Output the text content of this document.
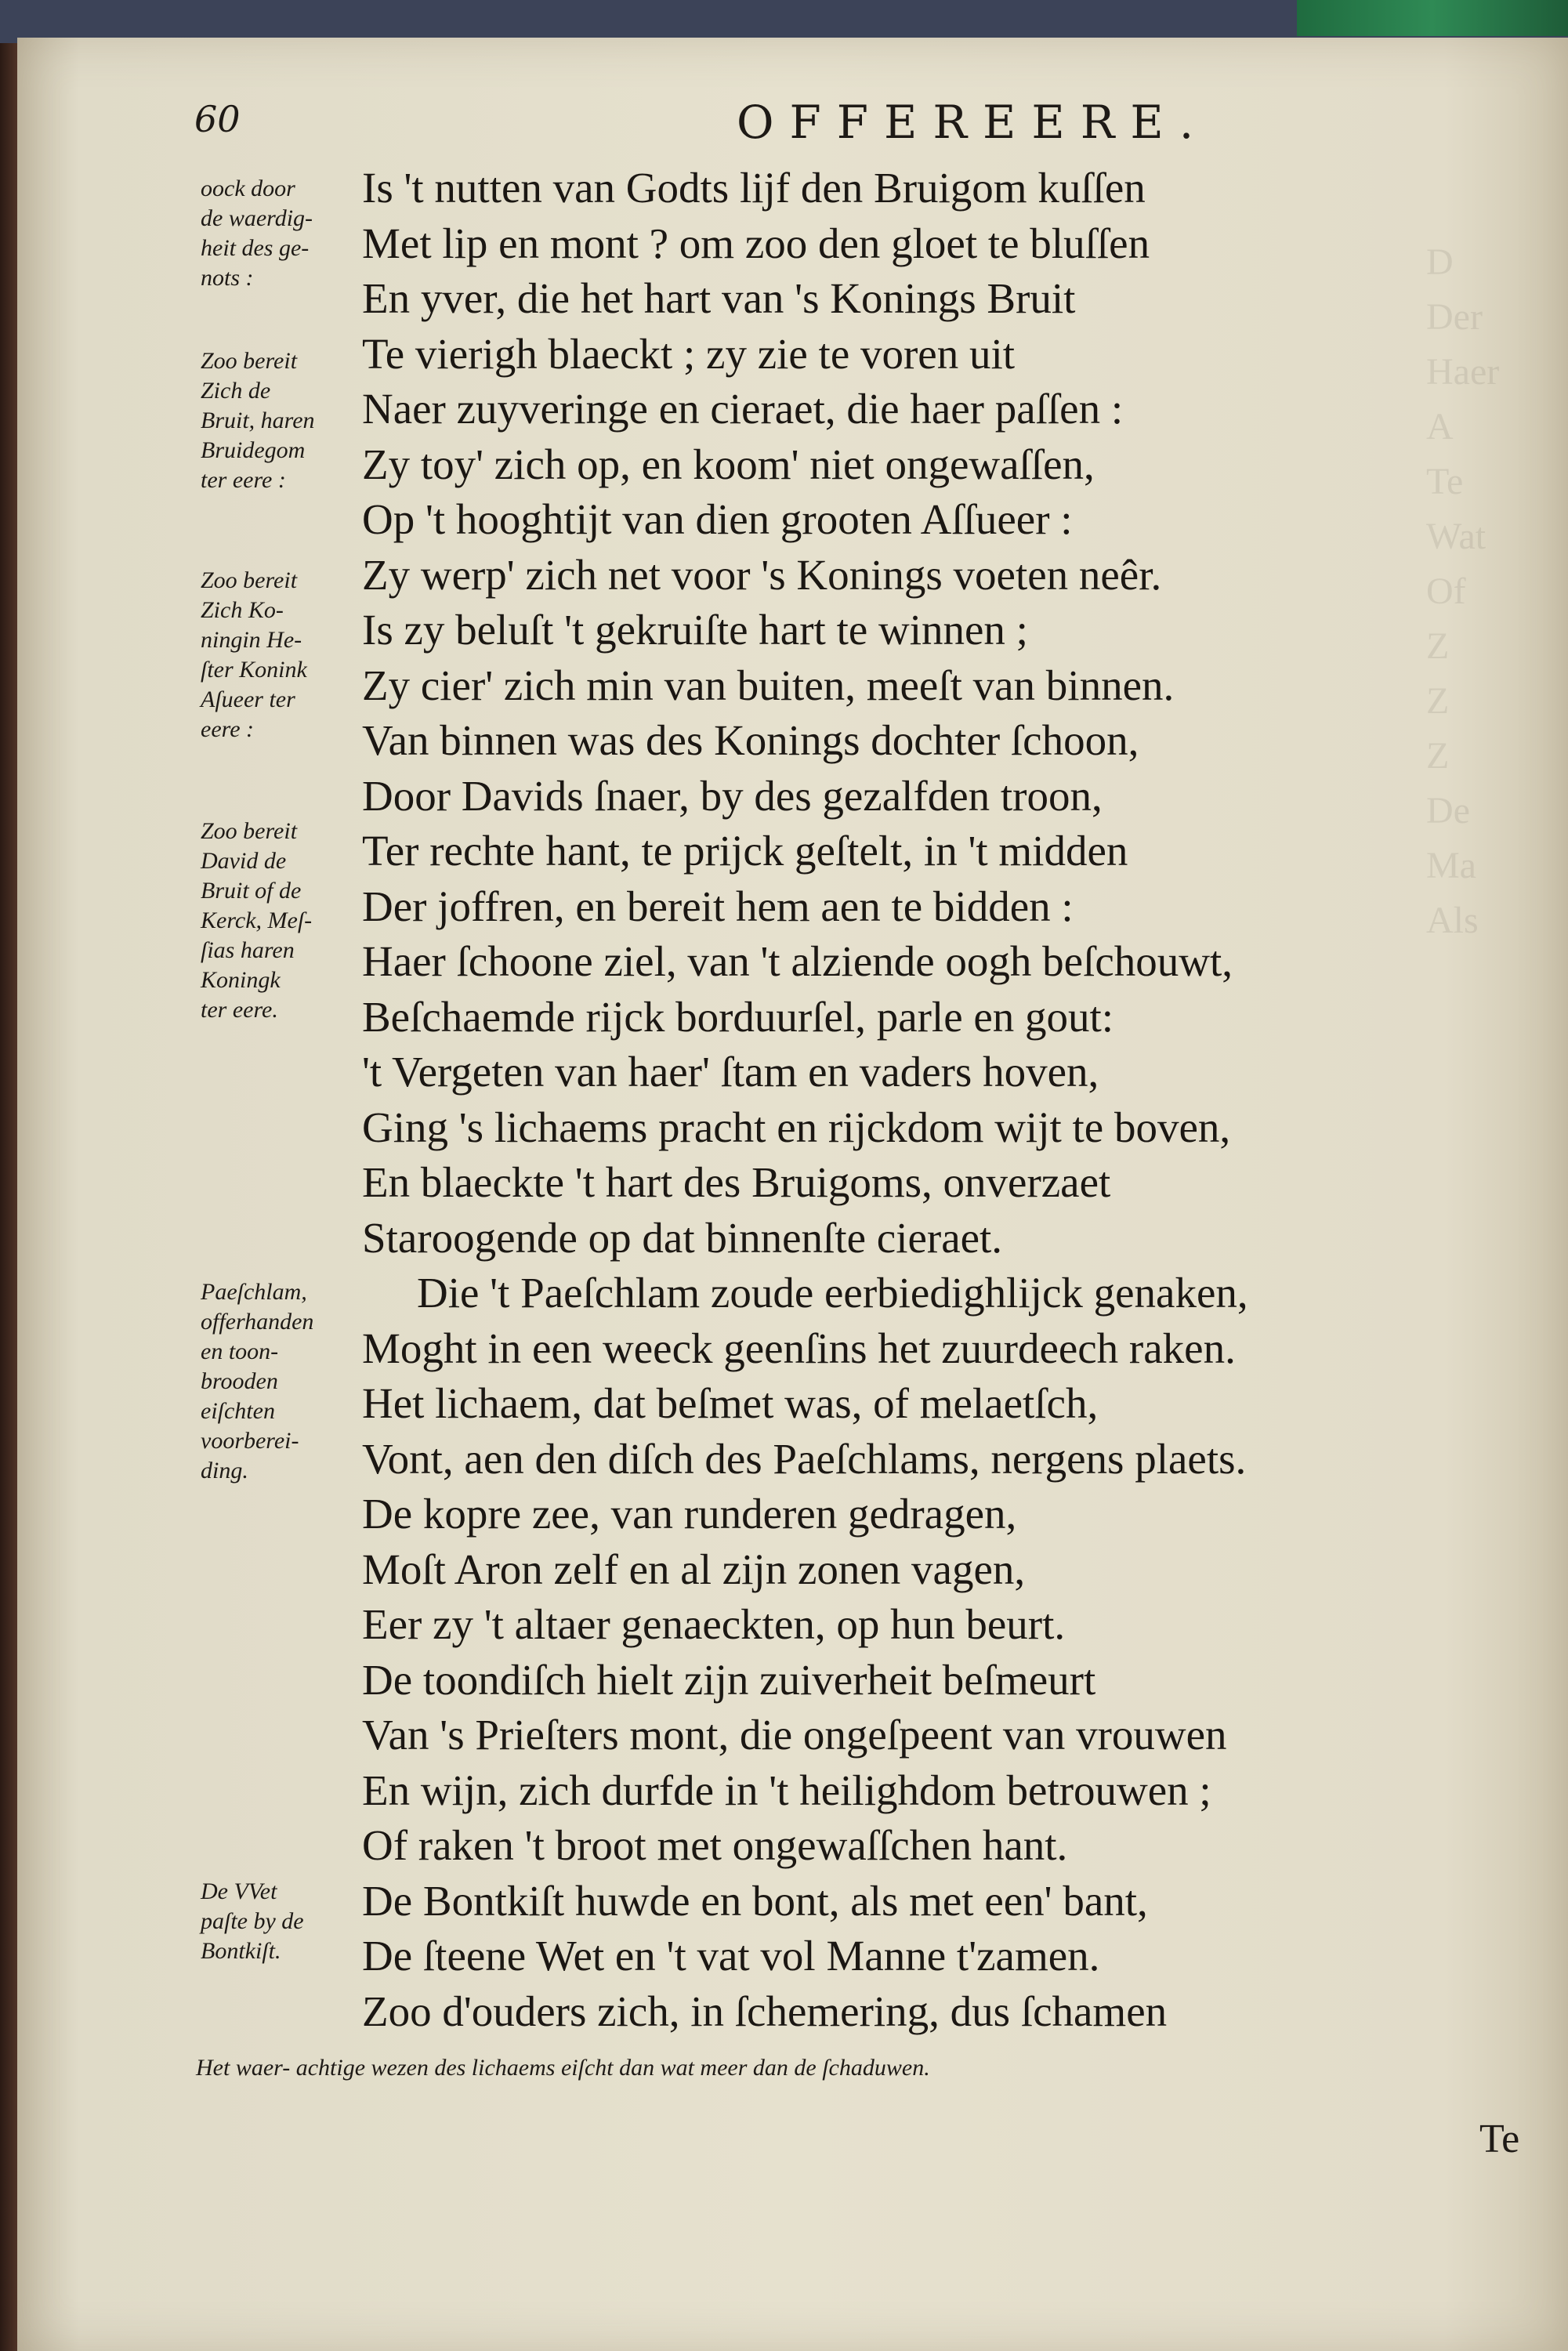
D
Der
Haer
A
Te
Wat
Of
Z
Z
Z
De
Ma
Als
60	OFFEREERE.
Is 't nutten van Godts lijf den Bruigom kuſſen
Met lip en mont ? om zoo den gloet te bluſſen
En yver, die het hart van 's Konings Bruit
Te vierigh blaeckt ; zy zie te voren uit
Naer zuyveringe en cieraet, die haer paſſen :
Zy toy' zich op, en koom' niet ongewaſſen,
Op 't hooghtijt van dien grooten Aſſueer :
Zy werp' zich net voor 's Konings voeten neêr.
Is zy beluſt 't gekruiſte hart te winnen ;
Zy cier' zich min van buiten, meeſt van binnen.
Van binnen was des Konings dochter ſchoon,
Door Davids ſnaer, by des gezalfden troon,
Ter rechte hant, te prijck geſtelt, in 't midden
Der joffren, en bereit hem aen te bidden :
Haer ſchoone ziel, van 't alziende oogh beſchouwt,
Beſchaemde rijck borduurſel, parle en gout:
't Vergeten van haer' ſtam en vaders hoven,
Ging 's lichaems pracht en rijckdom wijt te boven,
En blaeckte 't hart des Bruigoms, onverzaet
Staroogende op dat binnenſte cieraet.
Die 't Paeſchlam zoude eerbiedighlijck genaken,
Moght in een weeck geenſins het zuurdeech raken.
Het lichaem, dat beſmet was, of melaetſch,
Vont, aen den diſch des Paeſchlams, nergens plaets.
De kopre zee, van runderen gedragen,
Moſt Aron zelf en al zijn zonen vagen,
Eer zy 't altaer genaeckten, op hun beurt.
De toondiſch hielt zijn zuiverheit beſmeurt
Van 's Prieſters mont, die ongeſpeent van vrouwen
En wijn, zich durfde in 't heilighdom betrouwen ;
Of raken 't broot met ongewaſſchen hant.
De Bontkiſt huwde en bont, als met een' bant,
De ſteene Wet en 't vat vol Manne t'zamen.
Zoo d'ouders zich, in ſchemering, dus ſchamen
oock door
de waerdig-
heit des ge-
nots :
Zoo bereit
Zich de
Bruit, haren
Bruidegom
ter eere :
Zoo bereit
Zich Ko-
ningin He-
ſter Konink
Aſueer ter
eere :
Zoo bereit
David de
Bruit of de
Kerck, Meſ-
ſias haren
Koningk
ter eere.
Paeſchlam,
offerhanden
en toon-
brooden
eiſchten
voorberei-
ding.
De VVet
paſte by de
Bontkiſt.
Het waer- achtige wezen des lichaems eiſcht dan wat meer dan de ſchaduwen.
Te
